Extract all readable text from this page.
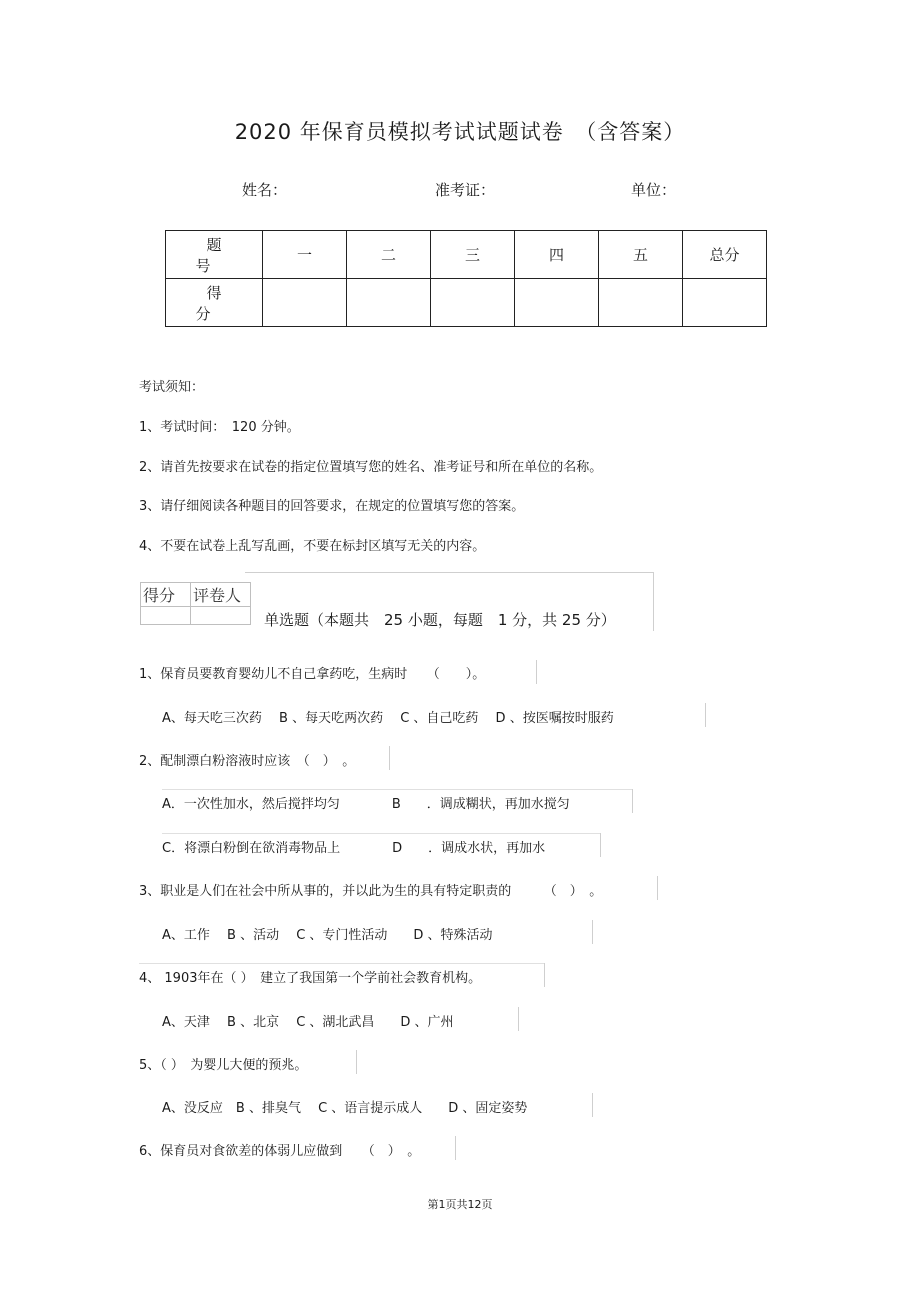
2020 年保育员模拟考试试题试卷　（含答案）
姓名：	准考证：	单位：
题　号	一	二	三	四	五	总分
得　分						
考试须知：
1、考试时间：　120 分钟。
2、请首先按要求在试卷的指定位置填写您的姓名、准考证号和所在单位的名称。
3、请仔细阅读各种题目的回答要求，在规定的位置填写您的答案。
4、不要在试卷上乱写乱画，不要在标封区填写无关的内容。
得分	评卷人

单选题（本题共　25 小题，每题　1 分，共 25 分）
1、保育员要教育婴幼儿不自己拿药吃，生病时　　（　　）。
A、每天吃三次药　 B 、每天吃两次药　 C 、自己吃药　 D 、按医嘱按时服药
2、配制漂白粉溶液时应该　（　）　。
A．一次性加水，然后搅拌均匀　　　　B　　．调成糊状，再加水搅匀
C．将漂白粉倒在欲消毒物品上　　　　D　　．调成水状，再加水
3、职业是人们在社会中所从事的，并以此为生的具有特定职责的　　　（　）　。
A、工作　 B 、活动　 C 、专门性活动　　D 、特殊活动
4、 1903年在（ ）　建立了我国第一个学前社会教育机构。
A、天津　 B 、北京　 C 、湖北武昌　　D 、广州
5、（ ）　为婴儿大便的预兆。
A、没反应　B 、排臭气　 C 、语言提示成人　　D 、固定姿势
6、保育员对食欲差的体弱儿应做到　　（　）　。
第1页共12页
